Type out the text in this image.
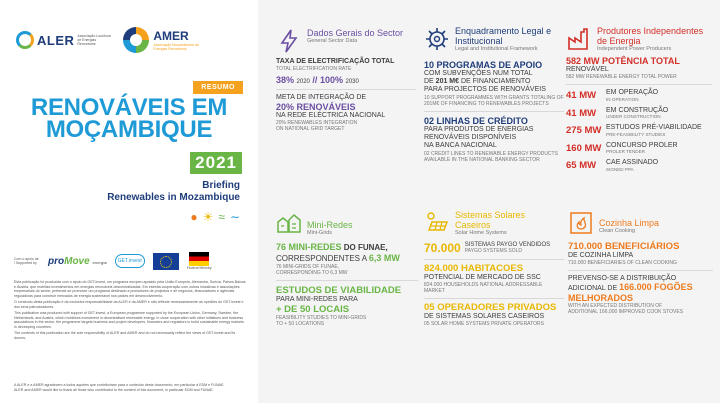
ALER Associação Lusófona de Energias Renováveis
AMER
Associação Moçambicana de Energias Renováveis
RESUMO
RENOVÁVEIS EM
MOÇAMBIQUE
2021
Briefing
Renewables in Mozambique
● ☀ ≈ ∼
Com o apoio de / Supported by	proMove energia	GET.invest
Federal Ministry

Esta publicação foi produzida com o apoio do GET.invest, um programa europeu apoiado pela União Europeia, Alemanha, Suécia, Países Baixos e Áustria, que mobiliza investimentos em energias renováveis descentralizadas. Em estreita cooperação com outras iniciativas e associações empresariais do sector, pretende-se promover um programa destinado a promotores de projectos e de negócios, financiadores e agências reguladoras para construir mercados de energia sustentável nos países em desenvolvimento.

O conteúdo desta publicação é da exclusiva responsabilidade da ALER e da AMER e não reflecte necessariamente as opiniões do GET.invest e dos seus patrocinadores.

This publication was produced with support of GET.invest, a European programme supported by the European Union, Germany, Sweden, the Netherlands, and Austria, which mobilises investment in decentralised renewable energy. In close cooperation with other initiatives and business associations in the sector, the programme targets business and project developers, financiers and regulators to build sustainable energy markets in developing countries.

The contents of this publication are the sole responsibility of ALER and AMER and do not necessarily reflect the views of GET.invest and its donors.

A ALER e a AMER agradecem a todos aqueles que contribuíram para o conteúdo deste documento, em particular à EDM e FUNAE.

ALER and AMER would like to thank all those who contributed to the content of this document, in particular EDM and FUNAE.

Dados Gerais do Sector
General Sector Data
TAXA DE ELECTRIFICAÇÃO TOTAL
TOTAL ELECTRIFICATION RATE
38% 2020 // 100% 2030
META DE INTEGRAÇÃO DE
20% RENOVÁVEIS
NA REDE ELÉCTRICA NACIONAL
20% RENEWABLES INTEGRATION
ON NATIONAL GRID TARGET
Enquadramento Legal e Institucional
Legal and Institutional Framework
10 PROGRAMAS DE APOIO
COM SUBVENÇÕES NUM TOTAL
DE 201 M€ DE FINANCIAMENTO
PARA PROJECTOS DE RENOVÁVEIS
10 SUPPORT PROGRAMMES WITH GRANTS TOTALING OF 201M€ OF FINANCING TO RENEWABLES PROJECTS
02 LINHAS DE CRÉDITO
PARA PRODUTOS DE ENERGIAS
RENOVÁVEIS DISPONÍVEIS
NA BANCA NACIONAL
02 CREDIT LINES TO RENEWABLE ENERGY PRODUCTS AVAILABLE IN THE NATIONAL BANKING SECTOR
Produtores Independentes de Energia
Independent Power Producers
582 MW POTÊNCIA TOTAL
RENOVÁVEL
582 MW RENEWABLE ENERGY TOTAL POWER
41 MW	EM OPERAÇÃO
IN OPERATION
41 MW	EM CONSTRUÇÃO
UNDER CONSTRUCTION
275 MW ESTUDOS PRÉ-VIABILIDADE
PRE-FEASIBILITY STUDIES
160 MW CONCURSO PROLER
PROLER TENDER
65 MW	CAE ASSINADO
SIGNED PPA
Mini-Redes
Mini-Grids
76 MINI-REDES DO FUNAE,
CORRESPONDENTES A 6,3 MW
76 MINI-GRIDS OF FUNAE,
CORRESPONDING TO 6,3 MW
ESTUDOS DE VIABILIDADE
PARA MINI-REDES PARA
+ DE 50 LOCAIS
FEASIBILITY STUDIES TO MINI-GRIDS
TO + 50 LOCATIONS
Sistemas Solares
Caseiros
Solar Home Systems
70.000 SISTEMAS PAYGO VENDIDOS
PAYGO SYSTEMS SOLD
824.000 HABITACOES
POTENCIAL DE MERCADO DE SSC
824.000 HOUSEHOLDS NATIONAL ADDRESSABLE MARKET
05 OPERADORES PRIVADOS
DE SISTEMAS SOLARES CASEIROS
05 SOLAR HOME SYSTEMS PRIVATE OPERATORS
Cozinha Limpa
Clean Cooking
710.000 BENEFICIÁRIOS
DE COZINHA LIMPA
710.000 BENEFICIARIES OF CLEAN COOKING
PREVENSO-SE A DISTRIBUIÇÃO
ADICIONAL DE 166.000 FOGÕES
MELHORADOS
WITH AN EXPECTED DISTRIBUTION OF
ADDITIONAL 166,000 IMPROVED COOK STOVES
